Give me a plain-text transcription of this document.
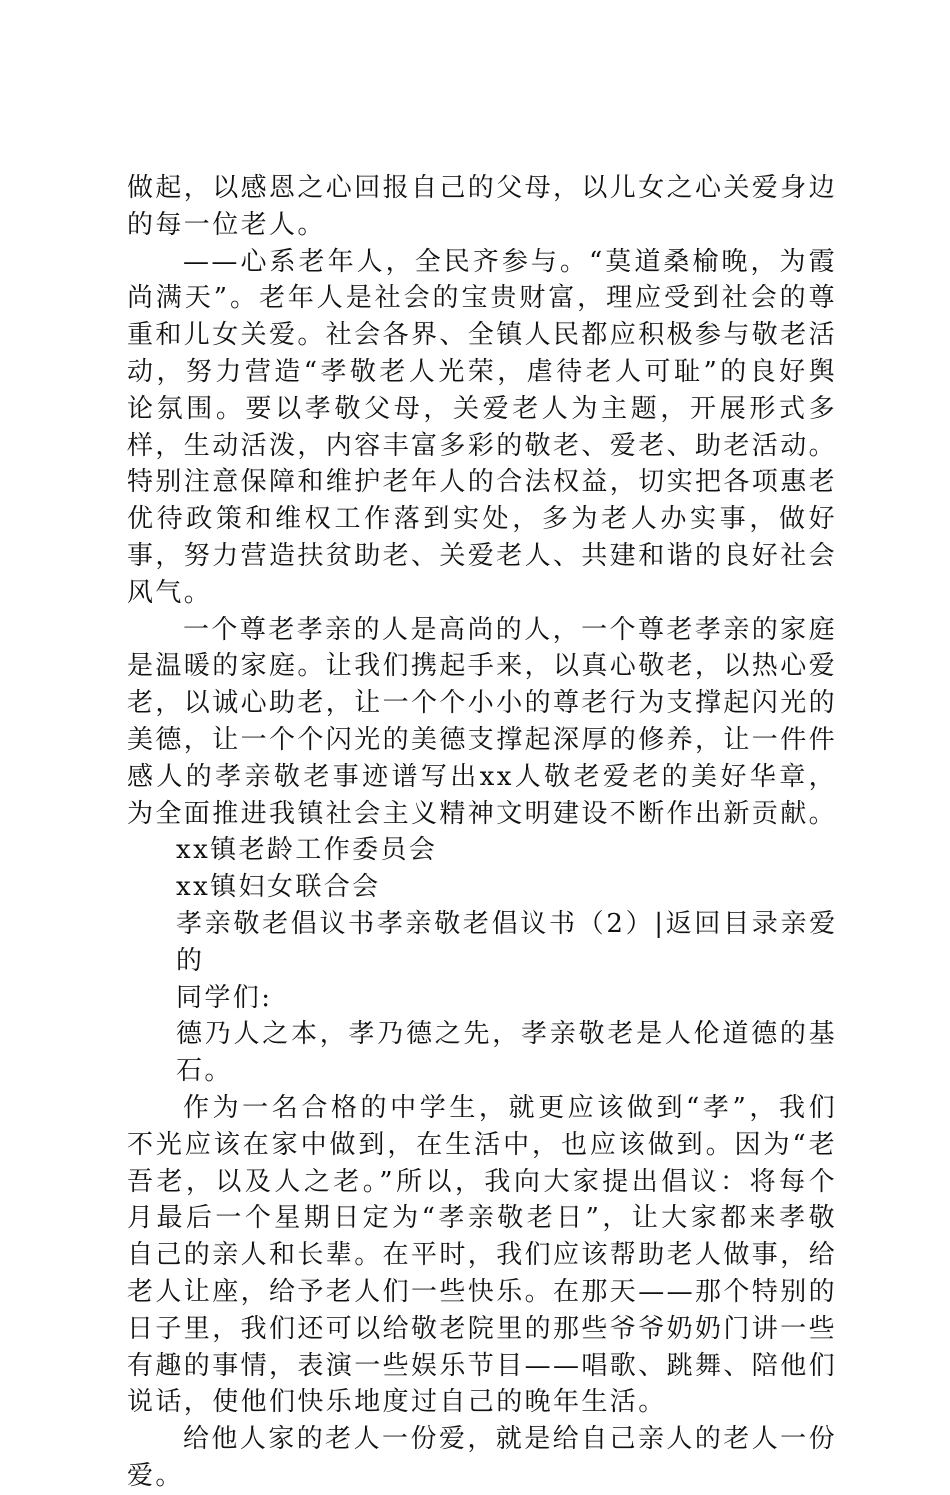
做起，以感恩之心回报自己的父母，以儿女之心关爱身边的每一位老人。

——心系老年人，全民齐参与。“莫道桑榆晚，为霞尚满天”。老年人是社会的宝贵财富，理应受到社会的尊重和儿女关爱。社会各界、全镇人民都应积极参与敬老活动，努力营造“孝敬老人光荣，虐待老人可耻”的良好舆论氛围。要以孝敬父母，关爱老人为主题，开展形式多样，生动活泼，内容丰富多彩的敬老、爱老、助老活动。特别注意保障和维护老年人的合法权益，切实把各项惠老优待政策和维权工作落到实处，多为老人办实事，做好事，努力营造扶贫助老、关爱老人、共建和谐的良好社会风气。

一个尊老孝亲的人是高尚的人，一个尊老孝亲的家庭是温暖的家庭。让我们携起手来，以真心敬老，以热心爱老，以诚心助老，让一个个小小的尊老行为支撑起闪光的美德，让一个个闪光的美德支撑起深厚的修养，让一件件感人的孝亲敬老事迹谱写出xx人敬老爱老的美好华章，为全面推进我镇社会主义精神文明建设不断作出新贡献。

xx镇老龄工作委员会

xx镇妇女联合会

孝亲敬老倡议书孝亲敬老倡议书（2）|返回目录亲爱的

同学们:

德乃人之本，孝乃德之先，孝亲敬老是人伦道德的基石。

作为一名合格的中学生，就更应该做到“孝”，我们不光应该在家中做到，在生活中，也应该做到。因为“老吾老，以及人之老。”所以，我向大家提出倡议：将每个月最后一个星期日定为“孝亲敬老日”，让大家都来孝敬自己的亲人和长辈。在平时，我们应该帮助老人做事，给老人让座，给予老人们一些快乐。在那天——那个特别的日子里，我们还可以给敬老院里的那些爷爷奶奶门讲一些有趣的事情，表演一些娱乐节目——唱歌、跳舞、陪他们说话，使他们快乐地度过自己的晚年生活。

给他人家的老人一份爱，就是给自己亲人的老人一份爱。
